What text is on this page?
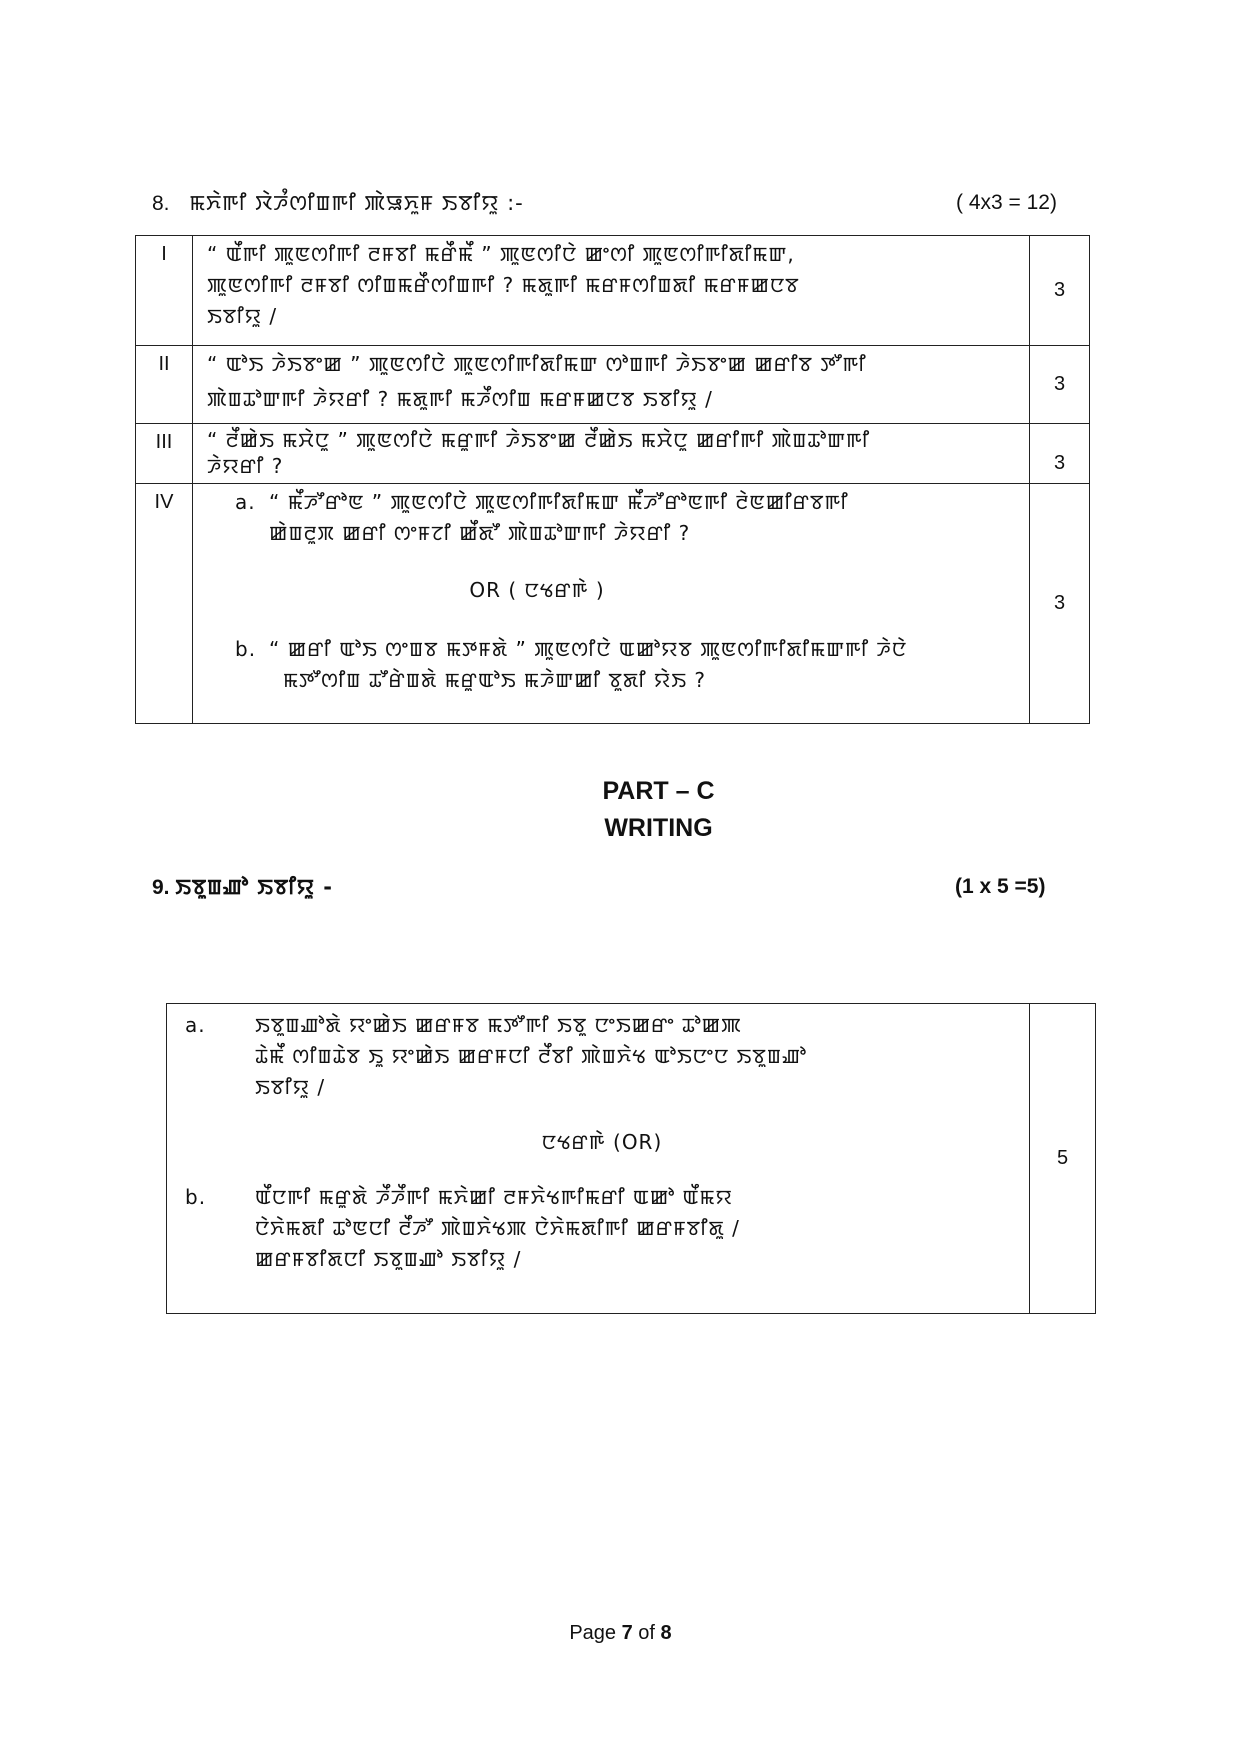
8. ꯃꯈꯥꯒꯤ ꯋꯥꯍꯪꯁꯤꯡꯒꯤ ꯄꯥꯎꯈꯨꯝ ꯏꯕꯤꯌꯨ :-	( 4x3 = 12)
I	“ ꯑꯩꯒꯤ ꯄꯨꯟꯁꯤꯒꯤ ꯂꯝꯕꯤ ꯃꯔꯩꯃꯩ ” ꯄꯨꯟꯁꯤꯅꯥ ꯀꯦꯁꯤ ꯄꯨꯟꯁꯤꯒꯤꯗꯤꯃꯛ,
ꯄꯨꯟꯁꯤꯒꯤ ꯂꯝꯕꯤ ꯁꯤꯡꯃꯔꯩꯁꯤꯡꯒꯤ ? ꯃꯗꯨꯒꯤ ꯃꯔꯝꯁꯤꯡꯗꯤ ꯃꯔꯝꯀꯅꯕ
ꯏꯕꯤꯌꯨ /	3
II	“ ꯑꯣꯏ ꯍꯥꯏꯕꯦꯀ ” ꯄꯨꯟꯁꯤꯅꯥ ꯄꯨꯟꯁꯤꯒꯤꯗꯤꯃꯛ ꯁꯣꯡꯒꯤ ꯍꯥꯏꯕꯦꯀ ꯀꯔꯤꯕ ꯇꯧꯒꯤ
ꯄꯥꯡꯊꯣꯛꯒꯤ ꯍꯥꯌꯔꯤ ? ꯃꯗꯨꯒꯤ ꯃꯍꯩꯁꯤꯡ ꯃꯔꯝꯀꯅꯕ ꯏꯕꯤꯌꯨ /	3
III	“ ꯂꯩꯀꯥꯏ ꯃꯆꯥꯅꯨ ” ꯄꯨꯟꯁꯤꯅꯥ ꯃꯔꯨꯒꯤ ꯍꯥꯏꯕꯦꯀ ꯂꯩꯀꯥꯏ ꯃꯆꯥꯅꯨ ꯀꯔꯤꯒꯤ ꯄꯥꯡꯊꯣꯛꯒꯤ
ꯍꯥꯌꯔꯤ ?	3
IV	a. “ ꯃꯩꯍꯧꯔꯣꯟ ” ꯄꯨꯟꯁꯤꯅꯥ ꯄꯨꯟꯁꯤꯒꯤꯗꯤꯃꯛ ꯃꯩꯍꯧꯔꯣꯟꯒꯤ ꯂꯥꯟꯀꯤꯔꯕꯒꯤ
ꯀꯥꯡꯂꯨꯞ ꯀꯔꯤ ꯁꯦꯝꯖꯤ ꯀꯩꯗꯧ ꯄꯥꯡꯊꯣꯛꯒꯤ ꯍꯥꯌꯔꯤ ?
OR ( ꯅꯠꯔꯒꯥ )
b. “ ꯀꯔꯤ ꯑꯣꯏ ꯁꯦꯡꯕ ꯃꯇꯝꯗꯥ ” ꯄꯨꯟꯁꯤꯅꯥ ꯑꯀꯣꯌꯕ ꯄꯨꯟꯁꯤꯒꯤꯗꯤꯃꯛꯒꯤ ꯍꯥꯅꯥ
ꯃꯇꯧꯁꯤꯡ ꯊꯧꯔꯥꯡꯗꯥ ꯃꯔꯨꯑꯣꯏ ꯃꯍꯥꯛꯀꯤ ꯕꯨꯗꯤ ꯌꯥꯏ ?
	3
PART – C
WRITING
9. ꯏꯕꯨꯡꯉꯣ ꯏꯕꯤꯌꯨ -	(1 x 5 =5)
a.	ꯏꯕꯨꯡꯉꯣꯗꯥ ꯌꯦꯀꯥꯏ ꯀꯔꯝꯕ ꯃꯇꯧꯒꯤ ꯏꯕꯨ ꯅꯦꯏꯀꯔꯦ ꯊꯣꯀꯄ
ꯊꯥꯃꯩ ꯁꯤꯡꯊꯥꯕ ꯏꯨ ꯌꯦꯀꯥꯏ ꯀꯔꯝꯅꯤ ꯂꯩꯕꯤ ꯄꯥꯡꯈꯥꯠ ꯑꯣꯏꯅꯦꯅ ꯏꯕꯨꯡꯉꯣ
ꯏꯕꯤꯌꯨ /
ꯅꯠꯔꯒꯥ (OR)
b.	ꯑꯩꯅꯒꯤ ꯃꯔꯨꯗꯥ ꯍꯩꯍꯩꯒꯤ ꯃꯈꯥꯀꯤ ꯂꯝꯈꯥꯠꯒꯤꯃꯔꯤ ꯑꯀꯣ ꯑꯩꯃꯌ
ꯅꯥꯈꯥꯃꯗꯤ ꯊꯣꯟꯅꯤ ꯂꯩꯍꯧ ꯄꯥꯡꯈꯥꯠꯄ ꯅꯥꯈꯥꯃꯗꯤꯒꯤ ꯀꯔꯝꯕꯤꯗꯨ /
ꯀꯔꯝꯕꯤꯗꯅꯤ ꯏꯕꯨꯡꯉꯣ ꯏꯕꯤꯌꯨ /
	5
Page 7 of 8
